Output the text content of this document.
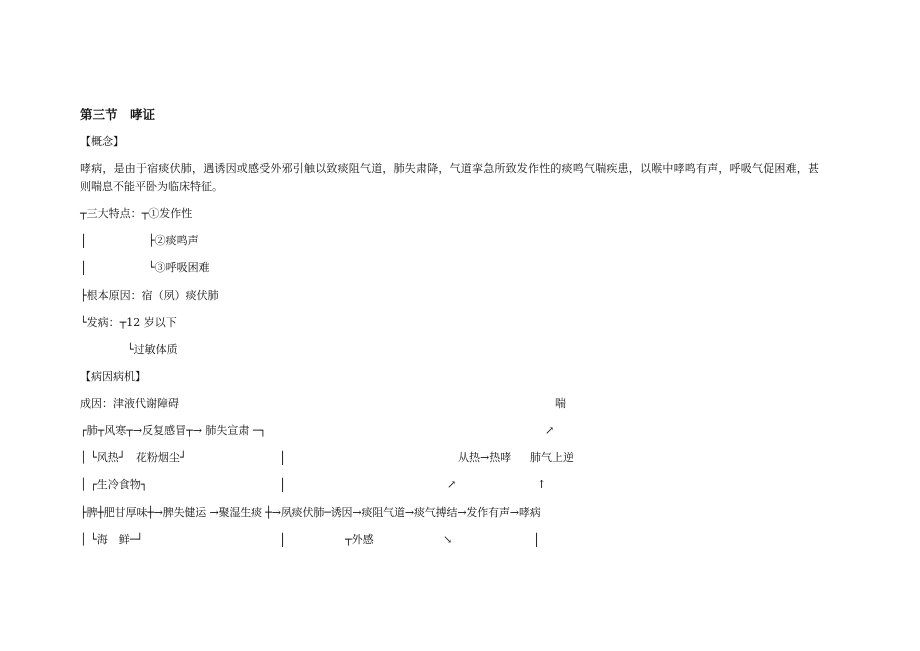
第三节　哮证
【概念】
哮病，是由于宿痰伏肺，遇诱因或感受外邪引触以致痰阻气道，肺失肃降，气道挛急所致发作性的痰鸣气喘疾患，以喉中哮鸣有声，呼吸气促困难，甚
则喘息不能平卧为临床特征。
┬三大特点：┬①发作性
│	├②痰鸣声
│	└③呼吸困难
├根本原因：宿（夙）痰伏肺
└发病：┬12 岁以下
└过敏体质
【病因病机】
成因：津液代谢障碍	喘
┌肺┬风寒┬→反复感冒┬→ 肺失宣肃 ─┐	↗
│ └风热┘   花粉烟尘┘	│	从热→热哮 肺气上逆
│ ┌生冷食物┐	│	↗	↑
├脾┼肥甘厚味┼→脾失健运 →聚湿生痰 ┼→夙痰伏肺─诱因→痰阻气道→痰气搏结→发作有声→哮病
│ └海　鲜─┘	│	┬外感	↘	│
